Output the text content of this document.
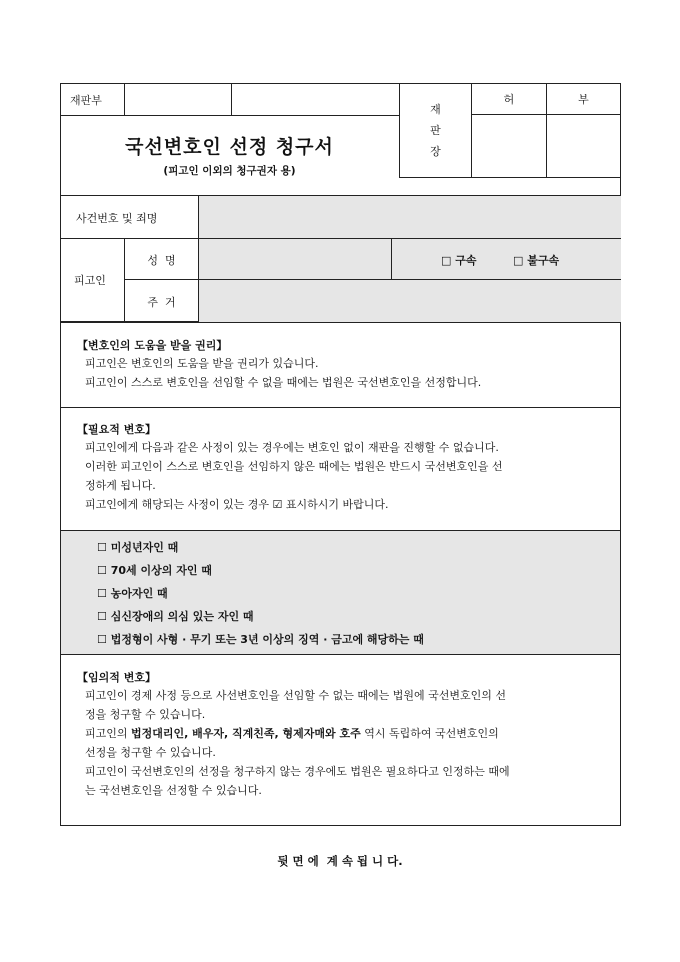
재판부
국선변호인 선정 청구서
(피고인 이외의 청구권자 용)
재
판
장
허	부
사건번호 및 죄명
피고인
성  명	□ 구속	□ 불구속
주  거
【변호인의 도움을 받을 권리】
피고인은 변호인의 도움을 받을 권리가 있습니다.
피고인이 스스로 변호인을 선임할 수 없을 때에는 법원은 국선변호인을 선정합니다.
【필요적 변호】
피고인에게 다음과 같은 사정이 있는 경우에는 변호인 없이 재판을 진행할 수 없습니다.
이러한 피고인이 스스로 변호인을 선임하지 않은 때에는 법원은 반드시 국선변호인을 선
정하게 됩니다.
피고인에게 해당되는 사정이 있는 경우 ☑ 표시하시기 바랍니다.
☐ 미성년자인 때
☐ 70세 이상의 자인 때
☐ 농아자인 때
☐ 심신장애의 의심 있는 자인 때
☐ 법정형이 사형 · 무기 또는 3년 이상의 징역 · 금고에 해당하는 때
【임의적 변호】
피고인이 경제 사정 등으로 사선변호인을 선임할 수 없는 때에는 법원에 국선변호인의 선
정을 청구할 수 있습니다.
피고인의 법정대리인, 배우자, 직계친족, 형제자매와 호주 역시 독립하여 국선변호인의
선정을 청구할 수 있습니다.
피고인이 국선변호인의 선정을 청구하지 않는 경우에도 법원은 필요하다고 인정하는 때에
는 국선변호인을 선정할 수 있습니다.
뒷 면 에  계 속 됩 니 다.
